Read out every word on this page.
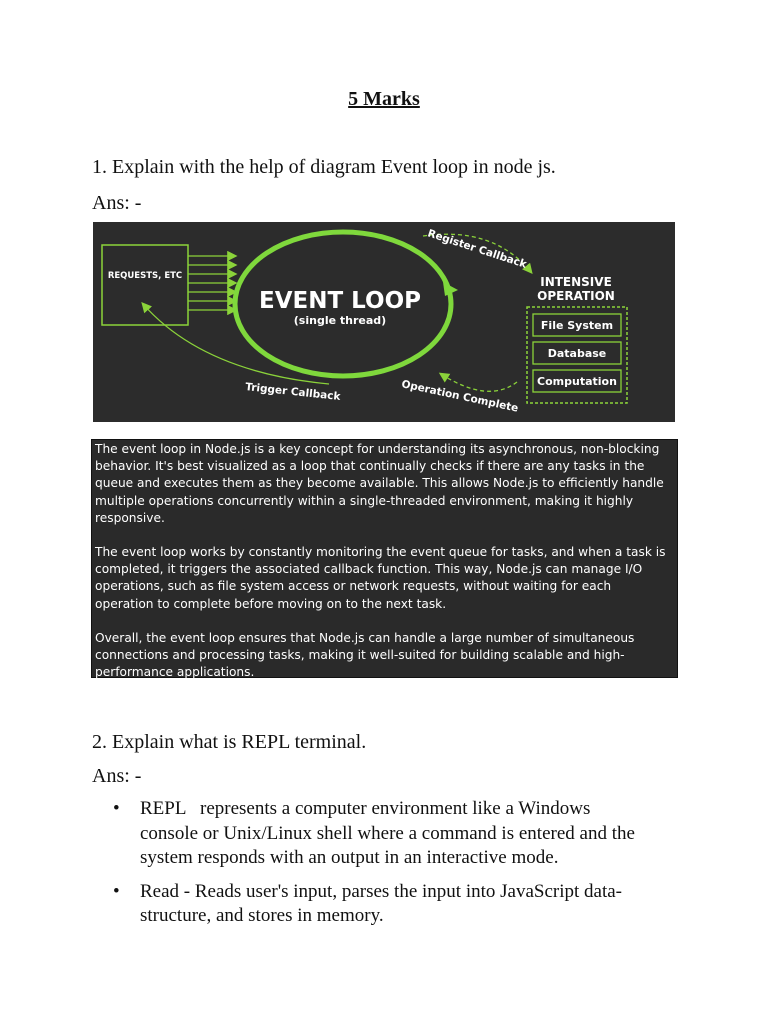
5 Marks
1. Explain with the help of diagram Event loop in node js.
Ans: -
REQUESTS, ETC
EVENT LOOP
(single thread)
Register Callback
INTENSIVE
OPERATION
File System
Database
Computation
Operation Complete
Trigger Callback

The event loop in Node.js is a key concept for understanding its asynchronous, non-blocking behavior. It's best visualized as a loop that continually checks if there are any tasks in the queue and executes them as they become available. This allows Node.js to efficiently handle multiple operations concurrently within a single-threaded environment, making it highly responsive.

The event loop works by constantly monitoring the event queue for tasks, and when a task is completed, it triggers the associated callback function. This way, Node.js can manage I/O operations, such as file system access or network requests, without waiting for each operation to complete before moving on to the next task.

Overall, the event loop ensures that Node.js can handle a large number of simultaneous connections and processing tasks, making it well-suited for building scalable and high-performance applications.

2. Explain what is REPL terminal.
Ans: -
• REPL   represents a computer environment like a Windows console or Unix/Linux shell where a command is entered and the system responds with an output in an interactive mode.
• Read - Reads user's input, parses the input into JavaScript data-structure, and stores in memory.
